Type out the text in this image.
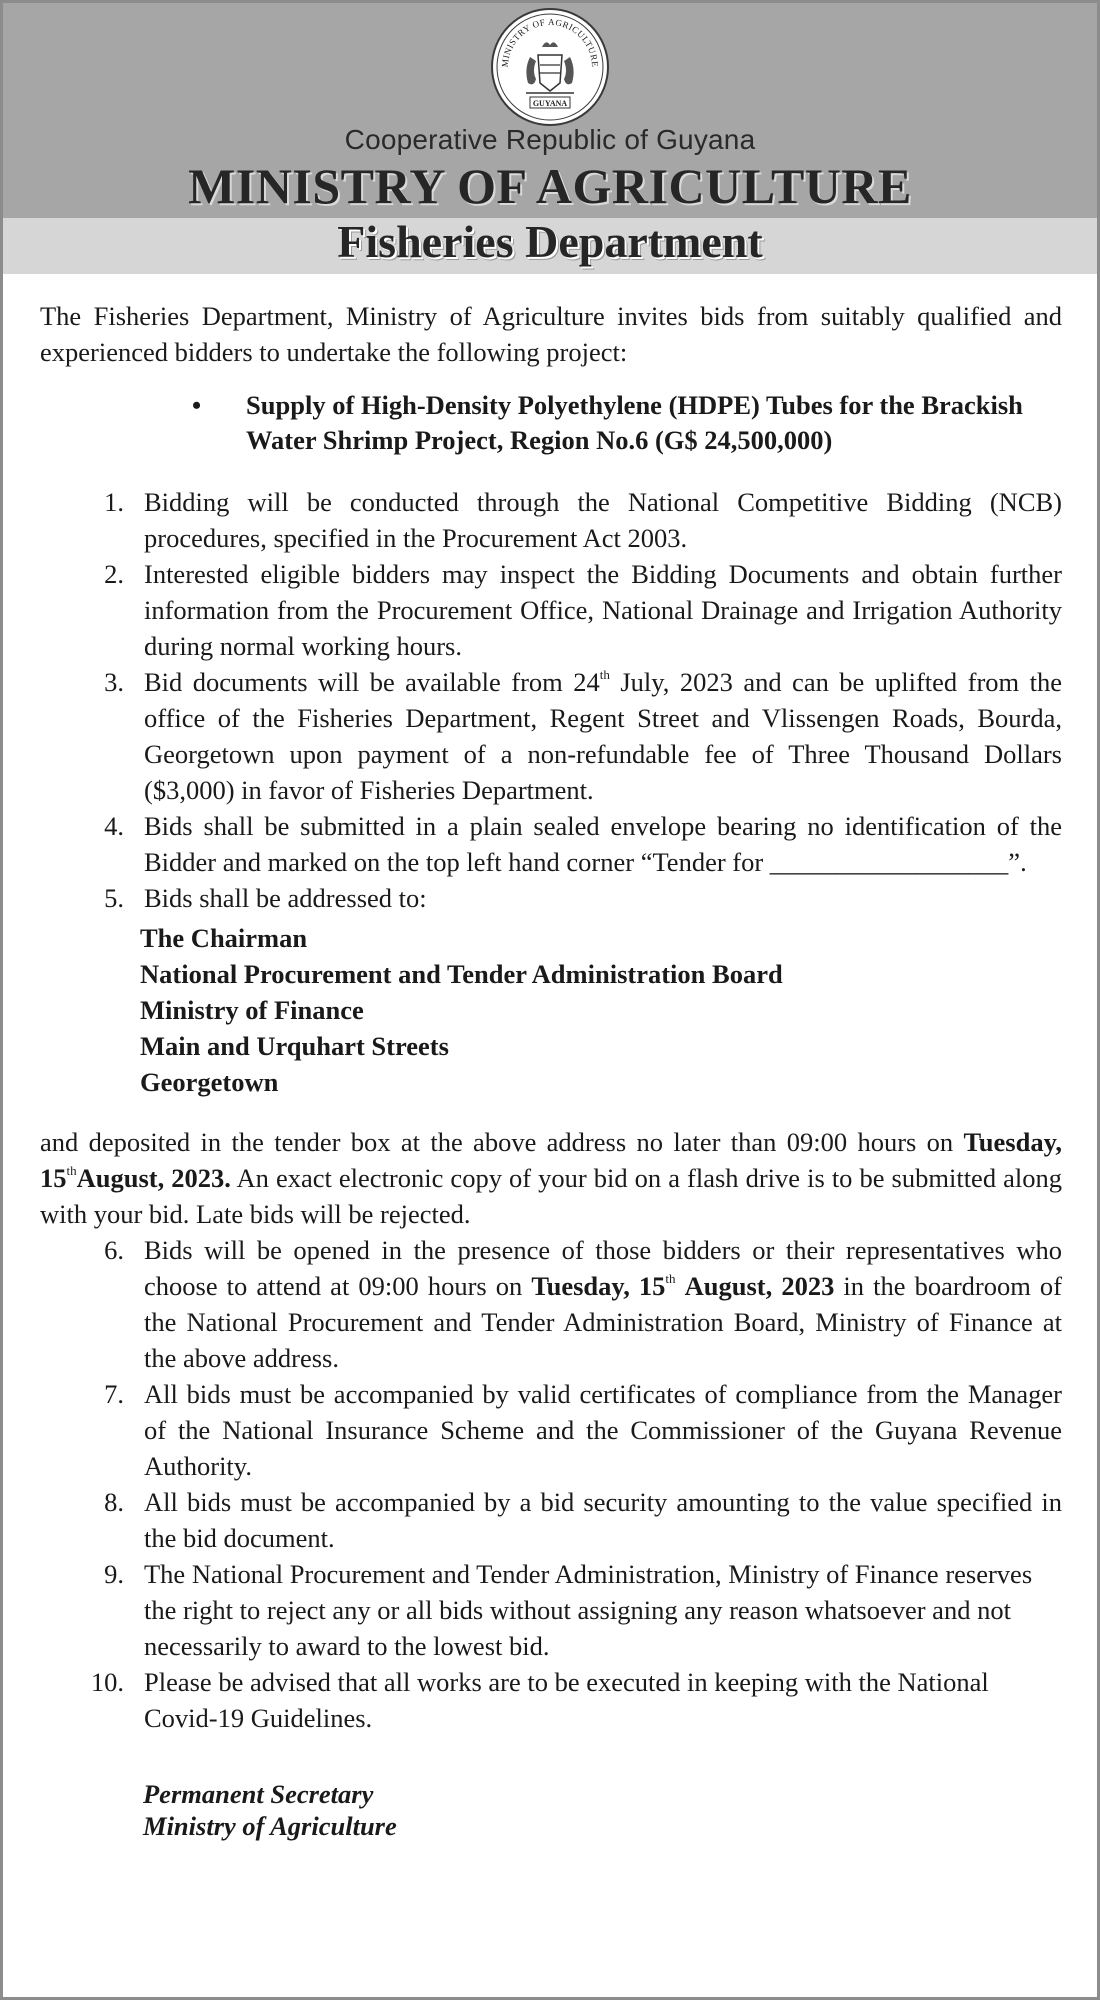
MINISTRY OF AGRICULTURE
GUYANA
Cooperative Republic of Guyana
MINISTRY OF AGRICULTURE
Fisheries Department

The Fisheries Department, Ministry of Agriculture invites bids from suitably qualified and experienced bidders to undertake the following project:

•	Supply of High-Density Polyethylene (HDPE) Tubes for the Brackish Water Shrimp Project, Region No.6 (G$ 24,500,000)
1. Bidding will be conducted through the National Competitive Bidding (NCB) procedures, specified in the Procurement Act 2003.
2. Interested eligible bidders may inspect the Bidding Documents and obtain further information from the Procurement Office, National Drainage and Irrigation Authority during normal working hours.
3. Bid documents will be available from 24th July, 2023 and can be uplifted from the office of the Fisheries Department, Regent Street and Vlissengen Roads, Bourda, Georgetown upon payment of a non-refundable fee of Three Thousand Dollars ($3,000) in favor of Fisheries Department.
4. Bids shall be submitted in a plain sealed envelope bearing no identification of the Bidder and marked on the top left hand corner “Tender for __________________”.
5. Bids shall be addressed to:
The Chairman
National Procurement and Tender Administration Board
Ministry of Finance
Main and Urquhart Streets
Georgetown

and deposited in the tender box at the above address no later than 09:00 hours on Tuesday, 15thAugust, 2023. An exact electronic copy of your bid on a flash drive is to be submitted along with your bid. Late bids will be rejected.

6. Bids will be opened in the presence of those bidders or their representatives who choose to attend at 09:00 hours on Tuesday, 15th August, 2023 in the boardroom of the National Procurement and Tender Administration Board, Ministry of Finance at the above address.
7. All bids must be accompanied by valid certificates of compliance from the Manager of the National Insurance Scheme and the Commissioner of the Guyana Revenue Authority.
8. All bids must be accompanied by a bid security amounting to the value specified in the bid document.
9. The National Procurement and Tender Administration, Ministry of Finance reserves the right to reject any or all bids without assigning any reason whatsoever and not necessarily to award to the lowest bid.
10. Please be advised that all works are to be executed in keeping with the National Covid-19 Guidelines.
Permanent Secretary
Ministry of Agriculture
